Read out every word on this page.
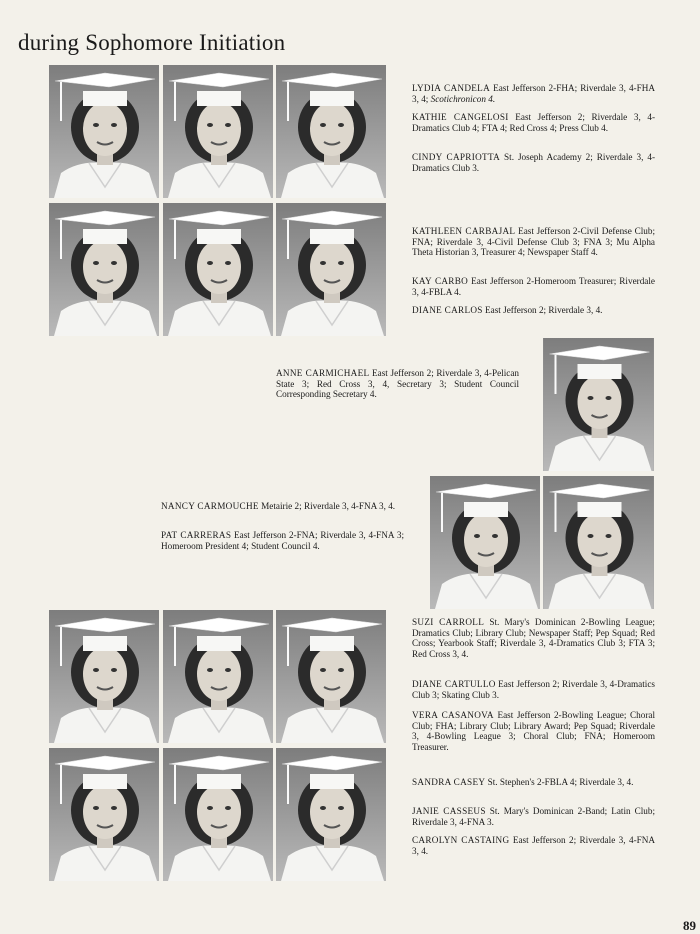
during Sophomore Initiation

LYDIA CANDELA East Jefferson 2-FHA; Riverdale 3, 4-FHA 3, 4; Scotichronicon 4.

KATHIE CANGELOSI East Jefferson 2; Riverdale 3, 4-Dramatics Club 4; FTA 4; Red Cross 4; Press Club 4.

CINDY CAPRIOTTA St. Joseph Academy 2; Riverdale 3, 4-Dramatics Club 3.

KATHLEEN CARBAJAL East Jefferson 2-Civil Defense Club; FNA; Riverdale 3, 4-Civil Defense Club 3; FNA 3; Mu Alpha Theta Historian 3, Treasurer 4; Newspaper Staff 4.

KAY CARBO East Jefferson 2-Homeroom Treasurer; Riverdale 3, 4-FBLA 4.

DIANE CARLOS East Jefferson 2; Riverdale 3, 4.

ANNE CARMICHAEL East Jefferson 2; Riverdale 3, 4-Pelican State 3; Red Cross 3, 4, Secretary 3; Student Council Corresponding Secretary 4.

NANCY CARMOUCHE Metairie 2; Riverdale 3, 4-FNA 3, 4.

PAT CARRERAS East Jefferson 2-FNA; Riverdale 3, 4-FNA 3; Homeroom President 4; Student Council 4.

SUZI CARROLL St. Mary's Dominican 2-Bowling League; Dramatics Club; Library Club; Newspaper Staff; Pep Squad; Red Cross; Yearbook Staff; Riverdale 3, 4-Dramatics Club 3; FTA 3; Red Cross 3, 4.

DIANE CARTULLO East Jefferson 2; Riverdale 3, 4-Dramatics Club 3; Skating Club 3.

VERA CASANOVA East Jefferson 2-Bowling League; Choral Club; FHA; Library Club; Library Award; Pep Squad; Riverdale 3, 4-Bowling League 3; Choral Club; FNA; Homeroom Treasurer.

SANDRA CASEY St. Stephen's 2-FBLA 4; Riverdale 3, 4.

JANIE CASSEUS St. Mary's Dominican 2-Band; Latin Club; Riverdale 3, 4-FNA 3.

CAROLYN CASTAING East Jefferson 2; Riverdale 3, 4-FNA 3, 4.

89
